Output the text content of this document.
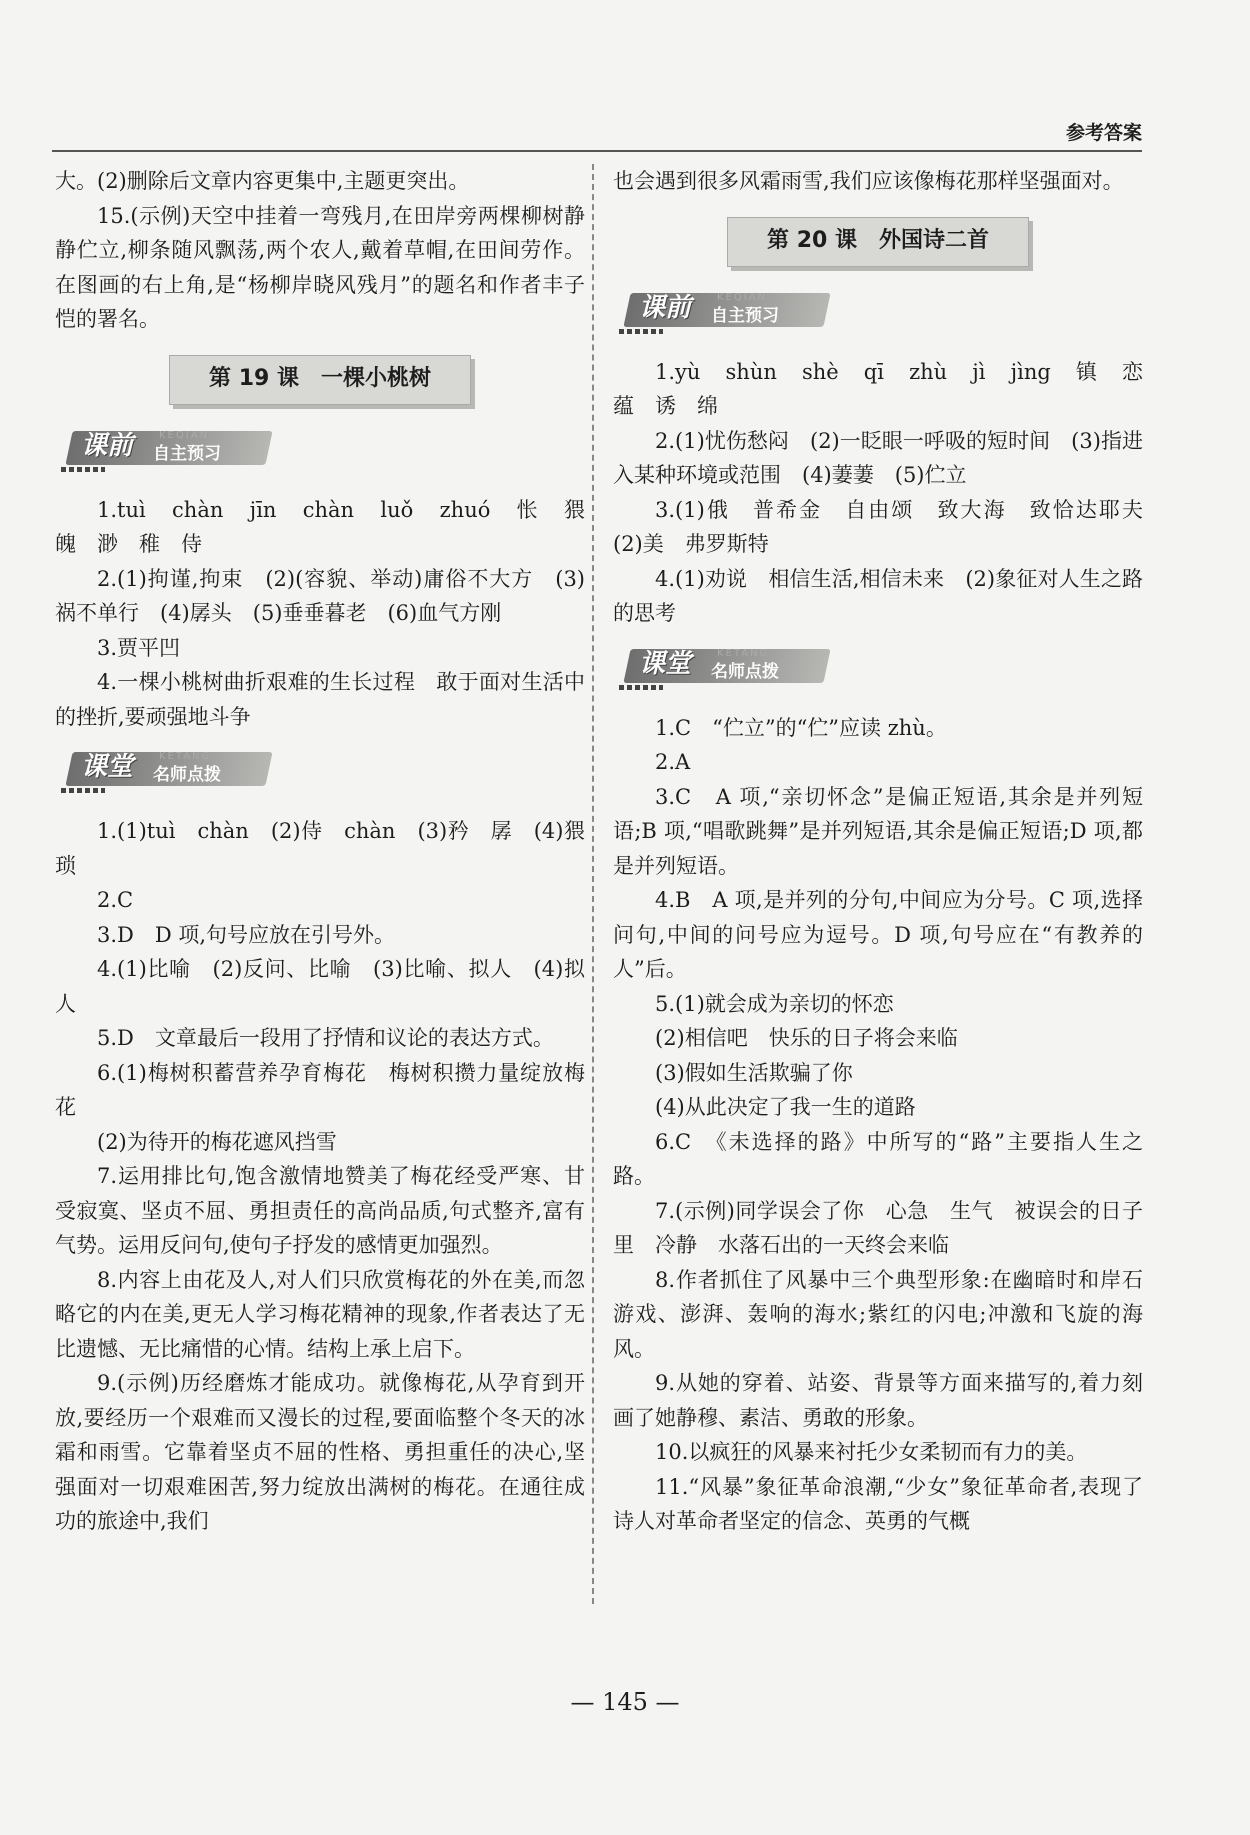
参考答案

大。(2)删除后文章内容更集中,主题更突出。

15.(示例)天空中挂着一弯残月,在田岸旁两棵柳树静静伫立,柳条随风飘荡,两个农人,戴着草帽,在田间劳作。在图画的右上角,是“杨柳岸晓风残月”的题名和作者丰子恺的署名。

第 19 课　一棵小桃树
KEQIAN
课前 自主预习

1.tuì　chàn　jīn　chàn　luǒ　zhuó　怅　猥　魄　渺　稚　侍

2.(1)拘谨,拘束　(2)(容貌、举动)庸俗不大方　(3)祸不单行　(4)孱头　(5)垂垂暮老　(6)血气方刚

3.贾平凹

4.一棵小桃树曲折艰难的生长过程　敢于面对生活中的挫折,要顽强地斗争

KETANG
课堂 名师点拨

1.(1)tuì　chàn　(2)侍　chàn　(3)矜　孱　(4)猥琐

2.C

3.D　D 项,句号应放在引号外。

4.(1)比喻　(2)反问、比喻　(3)比喻、拟人　(4)拟人

5.D　文章最后一段用了抒情和议论的表达方式。

6.(1)梅树积蓄营养孕育梅花　梅树积攒力量绽放梅花

(2)为待开的梅花遮风挡雪

7.运用排比句,饱含激情地赞美了梅花经受严寒、甘受寂寞、坚贞不屈、勇担责任的高尚品质,句式整齐,富有气势。运用反问句,使句子抒发的感情更加强烈。

8.内容上由花及人,对人们只欣赏梅花的外在美,而忽略它的内在美,更无人学习梅花精神的现象,作者表达了无比遗憾、无比痛惜的心情。结构上承上启下。

9.(示例)历经磨炼才能成功。就像梅花,从孕育到开放,要经历一个艰难而又漫长的过程,要面临整个冬天的冰霜和雨雪。它靠着坚贞不屈的性格、勇担重任的决心,坚强面对一切艰难困苦,努力绽放出满树的梅花。在通往成功的旅途中,我们

也会遇到很多风霜雨雪,我们应该像梅花那样坚强面对。

第 20 课　外国诗二首
KEQIAN
课前 自主预习

1.yù　shùn　shè　qī　zhù　jì　jìng　镇　恋　蕴　诱　绵

2.(1)忧伤愁闷　(2)一眨眼一呼吸的短时间　(3)指进入某种环境或范围　(4)萋萋　(5)伫立

3.(1)俄　普希金　自由颂　致大海　致恰达耶夫　(2)美　弗罗斯特

4.(1)劝说　相信生活,相信未来　(2)象征对人生之路的思考

KETANG
课堂 名师点拨

1.C　“伫立”的“伫”应读 zhù。

2.A

3.C　A 项,“亲切怀念”是偏正短语,其余是并列短语;B 项,“唱歌跳舞”是并列短语,其余是偏正短语;D 项,都是并列短语。

4.B　A 项,是并列的分句,中间应为分号。C 项,选择问句,中间的问号应为逗号。D 项,句号应在“有教养的人”后。

5.(1)就会成为亲切的怀恋

(2)相信吧　快乐的日子将会来临

(3)假如生活欺骗了你

(4)从此决定了我一生的道路

6.C　《未选择的路》中所写的“路”主要指人生之路。

7.(示例)同学误会了你　心急　生气　被误会的日子里　冷静　水落石出的一天终会来临

8.作者抓住了风暴中三个典型形象:在幽暗时和岸石游戏、澎湃、轰响的海水;紫红的闪电;冲激和飞旋的海风。

9.从她的穿着、站姿、背景等方面来描写的,着力刻画了她静穆、素洁、勇敢的形象。

10.以疯狂的风暴来衬托少女柔韧而有力的美。

11.“风暴”象征革命浪潮,“少女”象征革命者,表现了诗人对革命者坚定的信念、英勇的气概

— 145 —
